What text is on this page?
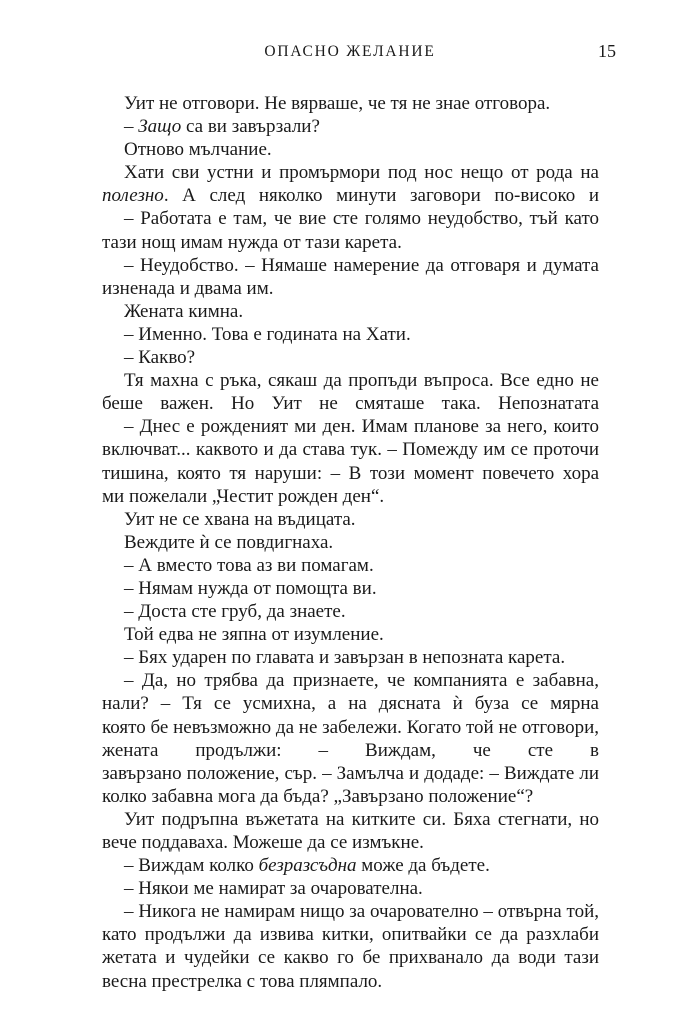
ОПАСНО ЖЕЛАНИЕ	15
Уит не отговори. Не вярваше, че тя не знае отговора.
– Защо са ви завързали?
Отново мълчание.
Хати сви устни и промърмори под нос нещо от рода на
полезно. А след няколко минути заговори по-високо и
– Работата е там, че вие сте голямо неудобство, тъй като
тази нощ имам нужда от тази карета.
– Неудобство. – Нямаше намерение да отговаря и думата
изненада и двама им.
Жената кимна.
– Именно. Това е годината на Хати.
– Какво?
Тя махна с ръка, сякаш да пропъди въпроса. Все едно не
беше важен. Но Уит не смяташе така. Непознатата
– Днес е рожденият ми ден. Имам планове за него, които
включват... каквото и да става тук. – Помежду им се проточи
тишина, която тя наруши: – В този момент повечето хора
ми пожелали „Честит рожден ден“.
Уит не се хвана на въдицата.
Веждите ѝ се повдигнаха.
– А вместо това аз ви помагам.
– Нямам нужда от помощта ви.
– Доста сте груб, да знаете.
Той едва не зяпна от изумление.
– Бях ударен по главата и завързан в непозната карета.
– Да, но трябва да признаете, че компанията е забавна,
нали? – Тя се усмихна, а на дясната ѝ буза се мярна
която бе невъзможно да не забележи. Когато той не отговори,
жената продължи: – Виждам, че сте в
завързано положение, сър. – Замълча и додаде: – Виждате ли
колко забавна мога да бъда? „Завързано положение“?
Уит подръпна въжетата на китките си. Бяха стегнати, но
вече поддаваха. Можеше да се измъкне.
– Виждам колко безразсъдна може да бъдете.
– Някои ме намират за очарователна.
– Никога не намирам нищо за очарователно – отвърна той,
като продължи да извива китки, опитвайки се да разхлаби
жетата и чудейки се какво го бе прихванало да води тази
весна престрелка с това плямпало.
